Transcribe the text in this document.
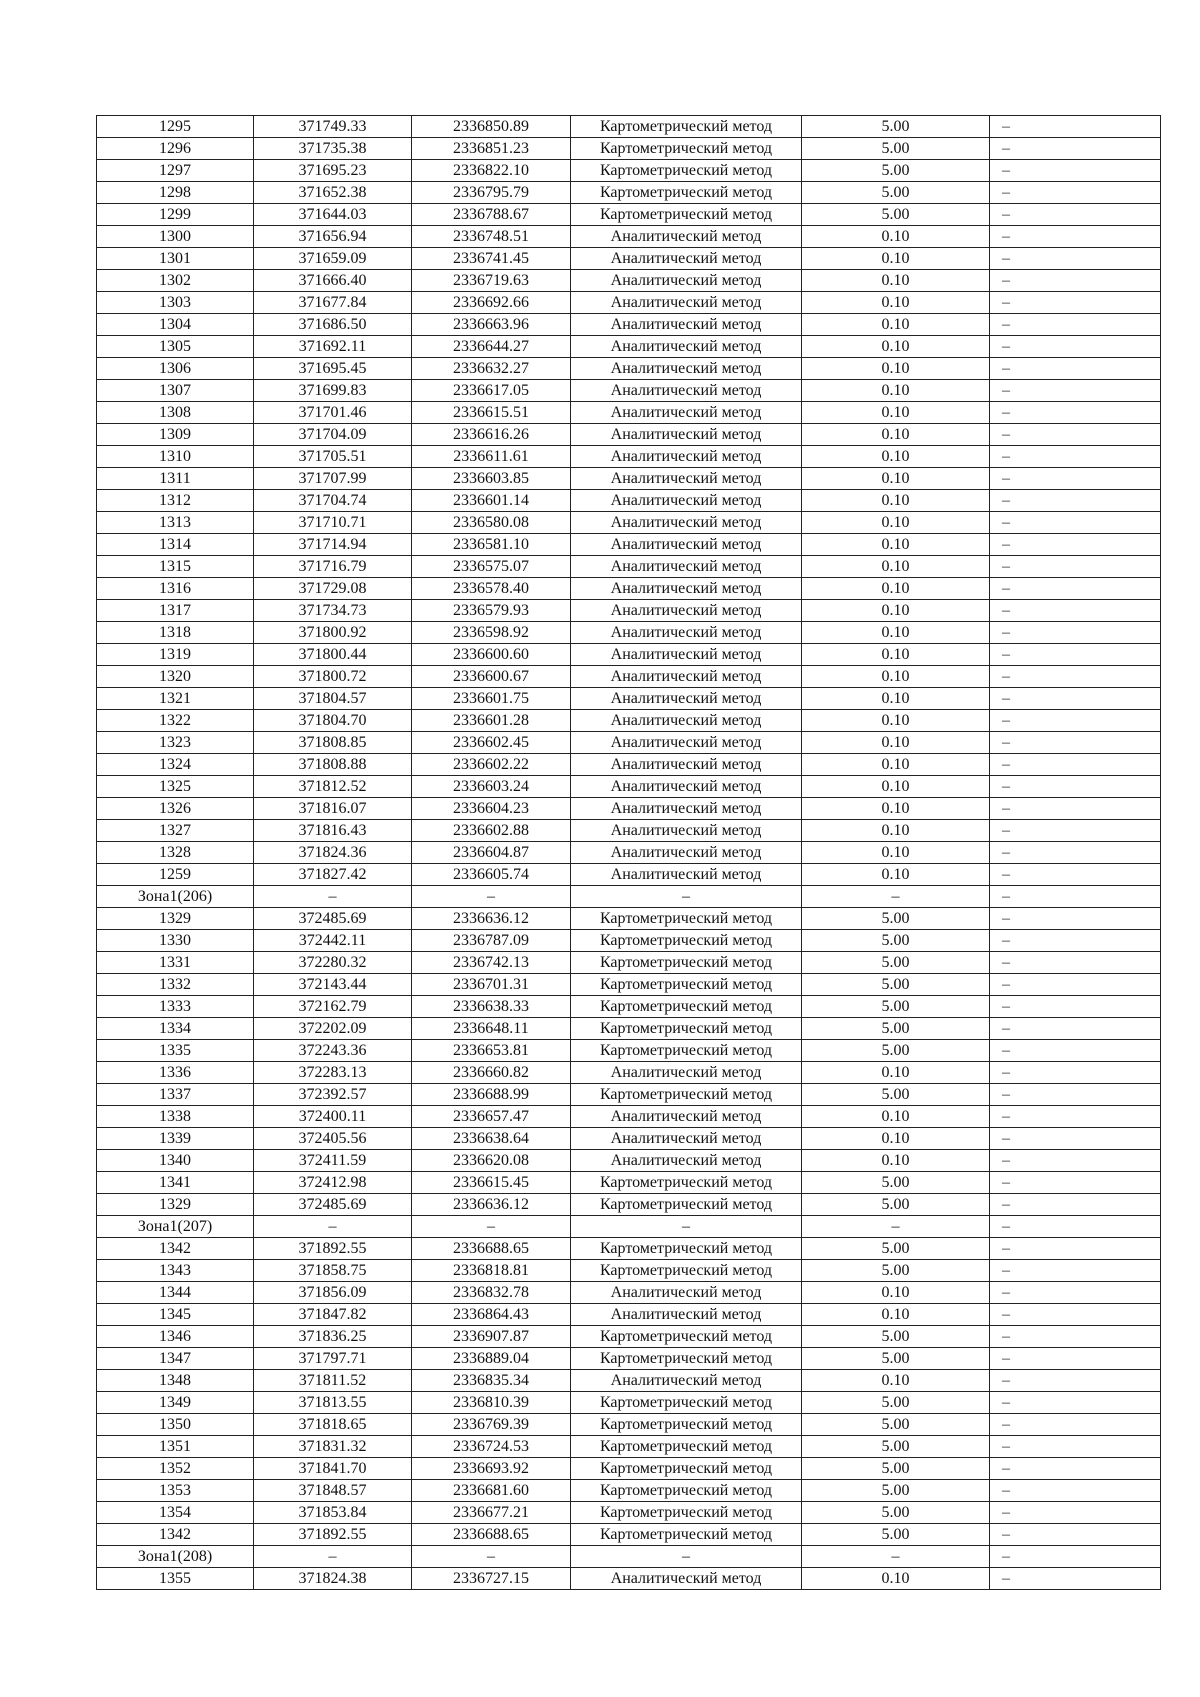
1295	371749.33	2336850.89	Картометрический метод	5.00	–
1296	371735.38	2336851.23	Картометрический метод	5.00	–
1297	371695.23	2336822.10	Картометрический метод	5.00	–
1298	371652.38	2336795.79	Картометрический метод	5.00	–
1299	371644.03	2336788.67	Картометрический метод	5.00	–
1300	371656.94	2336748.51	Аналитический метод	0.10	–
1301	371659.09	2336741.45	Аналитический метод	0.10	–
1302	371666.40	2336719.63	Аналитический метод	0.10	–
1303	371677.84	2336692.66	Аналитический метод	0.10	–
1304	371686.50	2336663.96	Аналитический метод	0.10	–
1305	371692.11	2336644.27	Аналитический метод	0.10	–
1306	371695.45	2336632.27	Аналитический метод	0.10	–
1307	371699.83	2336617.05	Аналитический метод	0.10	–
1308	371701.46	2336615.51	Аналитический метод	0.10	–
1309	371704.09	2336616.26	Аналитический метод	0.10	–
1310	371705.51	2336611.61	Аналитический метод	0.10	–
1311	371707.99	2336603.85	Аналитический метод	0.10	–
1312	371704.74	2336601.14	Аналитический метод	0.10	–
1313	371710.71	2336580.08	Аналитический метод	0.10	–
1314	371714.94	2336581.10	Аналитический метод	0.10	–
1315	371716.79	2336575.07	Аналитический метод	0.10	–
1316	371729.08	2336578.40	Аналитический метод	0.10	–
1317	371734.73	2336579.93	Аналитический метод	0.10	–
1318	371800.92	2336598.92	Аналитический метод	0.10	–
1319	371800.44	2336600.60	Аналитический метод	0.10	–
1320	371800.72	2336600.67	Аналитический метод	0.10	–
1321	371804.57	2336601.75	Аналитический метод	0.10	–
1322	371804.70	2336601.28	Аналитический метод	0.10	–
1323	371808.85	2336602.45	Аналитический метод	0.10	–
1324	371808.88	2336602.22	Аналитический метод	0.10	–
1325	371812.52	2336603.24	Аналитический метод	0.10	–
1326	371816.07	2336604.23	Аналитический метод	0.10	–
1327	371816.43	2336602.88	Аналитический метод	0.10	–
1328	371824.36	2336604.87	Аналитический метод	0.10	–
1259	371827.42	2336605.74	Аналитический метод	0.10	–
Зона1(206)	–	–	–	–	–
1329	372485.69	2336636.12	Картометрический метод	5.00	–
1330	372442.11	2336787.09	Картометрический метод	5.00	–
1331	372280.32	2336742.13	Картометрический метод	5.00	–
1332	372143.44	2336701.31	Картометрический метод	5.00	–
1333	372162.79	2336638.33	Картометрический метод	5.00	–
1334	372202.09	2336648.11	Картометрический метод	5.00	–
1335	372243.36	2336653.81	Картометрический метод	5.00	–
1336	372283.13	2336660.82	Аналитический метод	0.10	–
1337	372392.57	2336688.99	Картометрический метод	5.00	–
1338	372400.11	2336657.47	Аналитический метод	0.10	–
1339	372405.56	2336638.64	Аналитический метод	0.10	–
1340	372411.59	2336620.08	Аналитический метод	0.10	–
1341	372412.98	2336615.45	Картометрический метод	5.00	–
1329	372485.69	2336636.12	Картометрический метод	5.00	–
Зона1(207)	–	–	–	–	–
1342	371892.55	2336688.65	Картометрический метод	5.00	–
1343	371858.75	2336818.81	Картометрический метод	5.00	–
1344	371856.09	2336832.78	Аналитический метод	0.10	–
1345	371847.82	2336864.43	Аналитический метод	0.10	–
1346	371836.25	2336907.87	Картометрический метод	5.00	–
1347	371797.71	2336889.04	Картометрический метод	5.00	–
1348	371811.52	2336835.34	Аналитический метод	0.10	–
1349	371813.55	2336810.39	Картометрический метод	5.00	–
1350	371818.65	2336769.39	Картометрический метод	5.00	–
1351	371831.32	2336724.53	Картометрический метод	5.00	–
1352	371841.70	2336693.92	Картометрический метод	5.00	–
1353	371848.57	2336681.60	Картометрический метод	5.00	–
1354	371853.84	2336677.21	Картометрический метод	5.00	–
1342	371892.55	2336688.65	Картометрический метод	5.00	–
Зона1(208)	–	–	–	–	–
1355	371824.38	2336727.15	Аналитический метод	0.10	–
